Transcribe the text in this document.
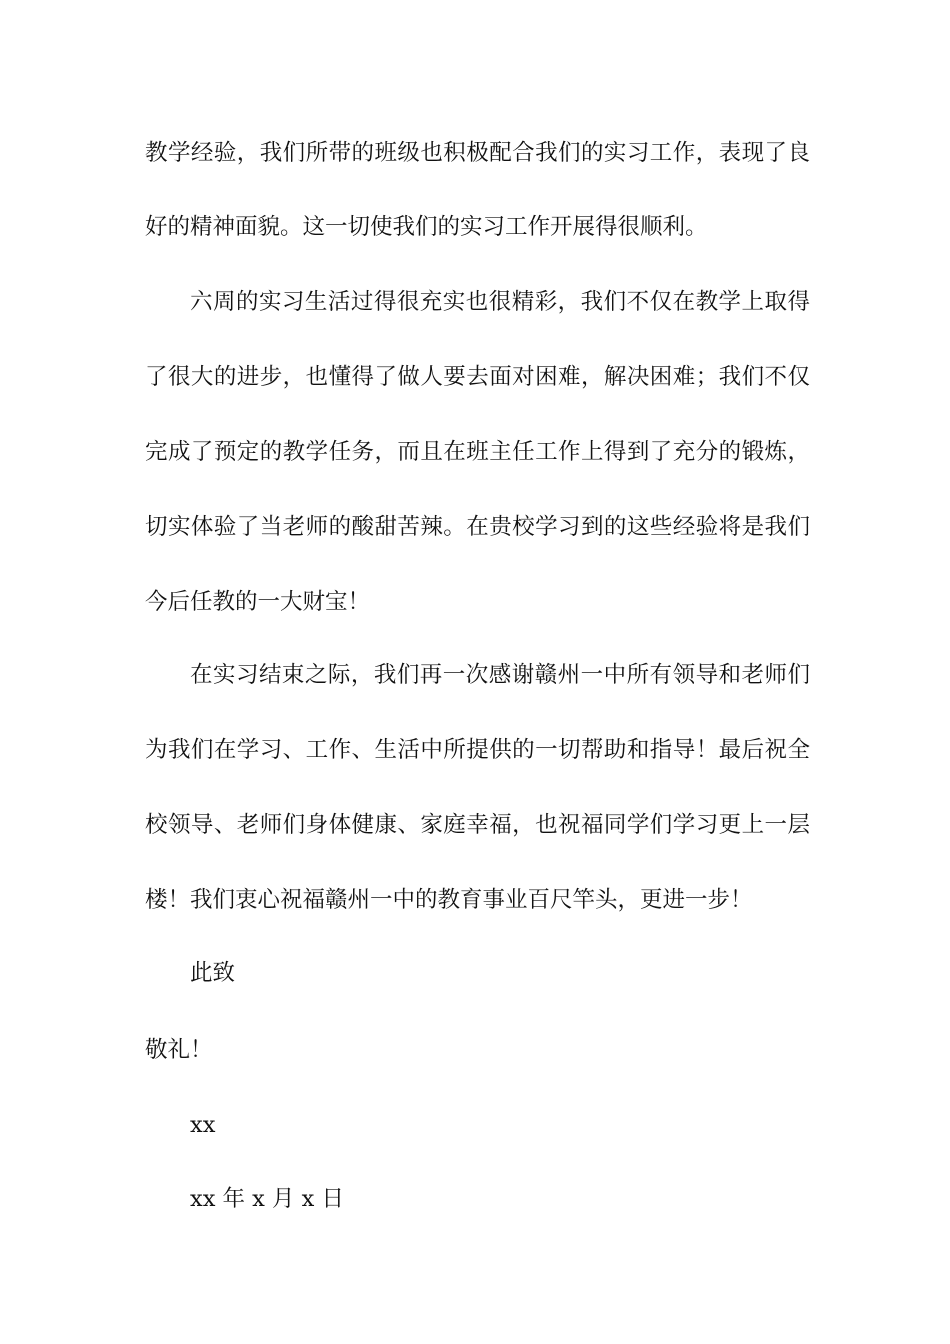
教学经验，我们所带的班级也积极配合我们的实习工作，表现了良
好的精神面貌。这一切使我们的实习工作开展得很顺利。
六周的实习生活过得很充实也很精彩，我们不仅在教学上取得
了很大的进步，也懂得了做人要去面对困难，解决困难；我们不仅
完成了预定的教学任务，而且在班主任工作上得到了充分的锻炼，
切实体验了当老师的酸甜苦辣。在贵校学习到的这些经验将是我们
今后任教的一大财宝！
在实习结束之际，我们再一次感谢赣州一中所有领导和老师们
为我们在学习、工作、生活中所提供的一切帮助和指导！最后祝全
校领导、老师们身体健康、家庭幸福，也祝福同学们学习更上一层
楼！我们衷心祝福赣州一中的教育事业百尺竿头，更进一步！
此致
敬礼！
xx
xx 年 x 月 x 日
